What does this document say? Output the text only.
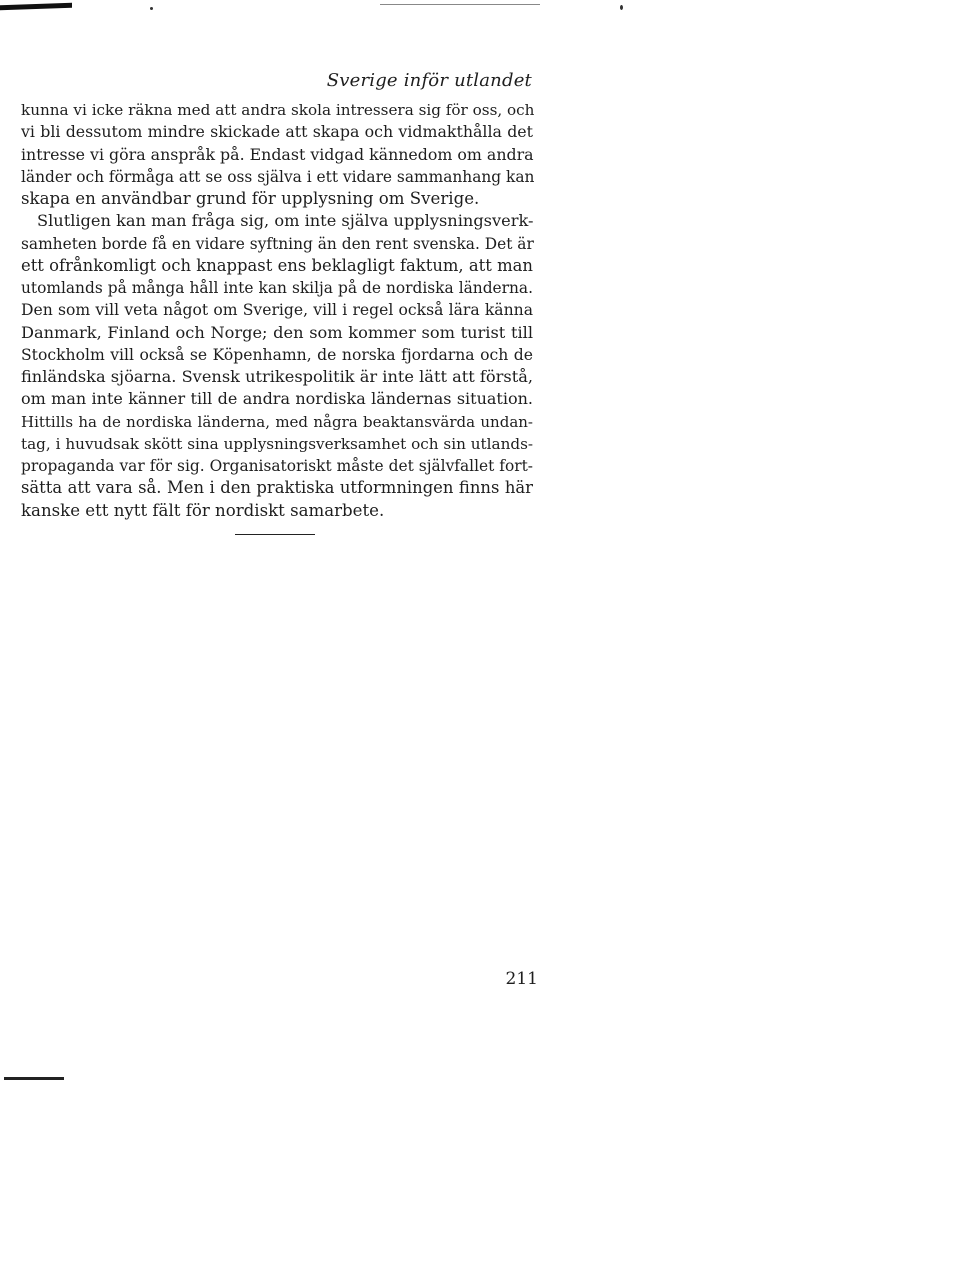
Sverige inför utlandet
kunna vi icke räkna med att andra skola intressera sig för oss, och
vi bli dessutom mindre skickade att skapa och vidmakthålla det
intresse vi göra anspråk på. Endast vidgad kännedom om andra
länder och förmåga att se oss själva i ett vidare sammanhang kan
skapa en användbar grund för upplysning om Sverige.
Slutligen kan man fråga sig, om inte själva upplysningsverk-
samheten borde få en vidare syftning än den rent svenska. Det är
ett ofrånkomligt och knappast ens beklagligt faktum, att man
utomlands på många håll inte kan skilja på de nordiska länderna.
Den som vill veta något om Sverige, vill i regel också lära känna
Danmark, Finland och Norge; den som kommer som turist till
Stockholm vill också se Köpenhamn, de norska fjordarna och de
finländska sjöarna. Svensk utrikespolitik är inte lätt att förstå,
om man inte känner till de andra nordiska ländernas situation.
Hittills ha de nordiska länderna, med några beaktansvärda undan-
tag, i huvudsak skött sina upplysningsverksamhet och sin utlands-
propaganda var för sig. Organisatoriskt måste det självfallet fort-
sätta att vara så. Men i den praktiska utformningen finns här
kanske ett nytt fält för nordiskt samarbete.
211
